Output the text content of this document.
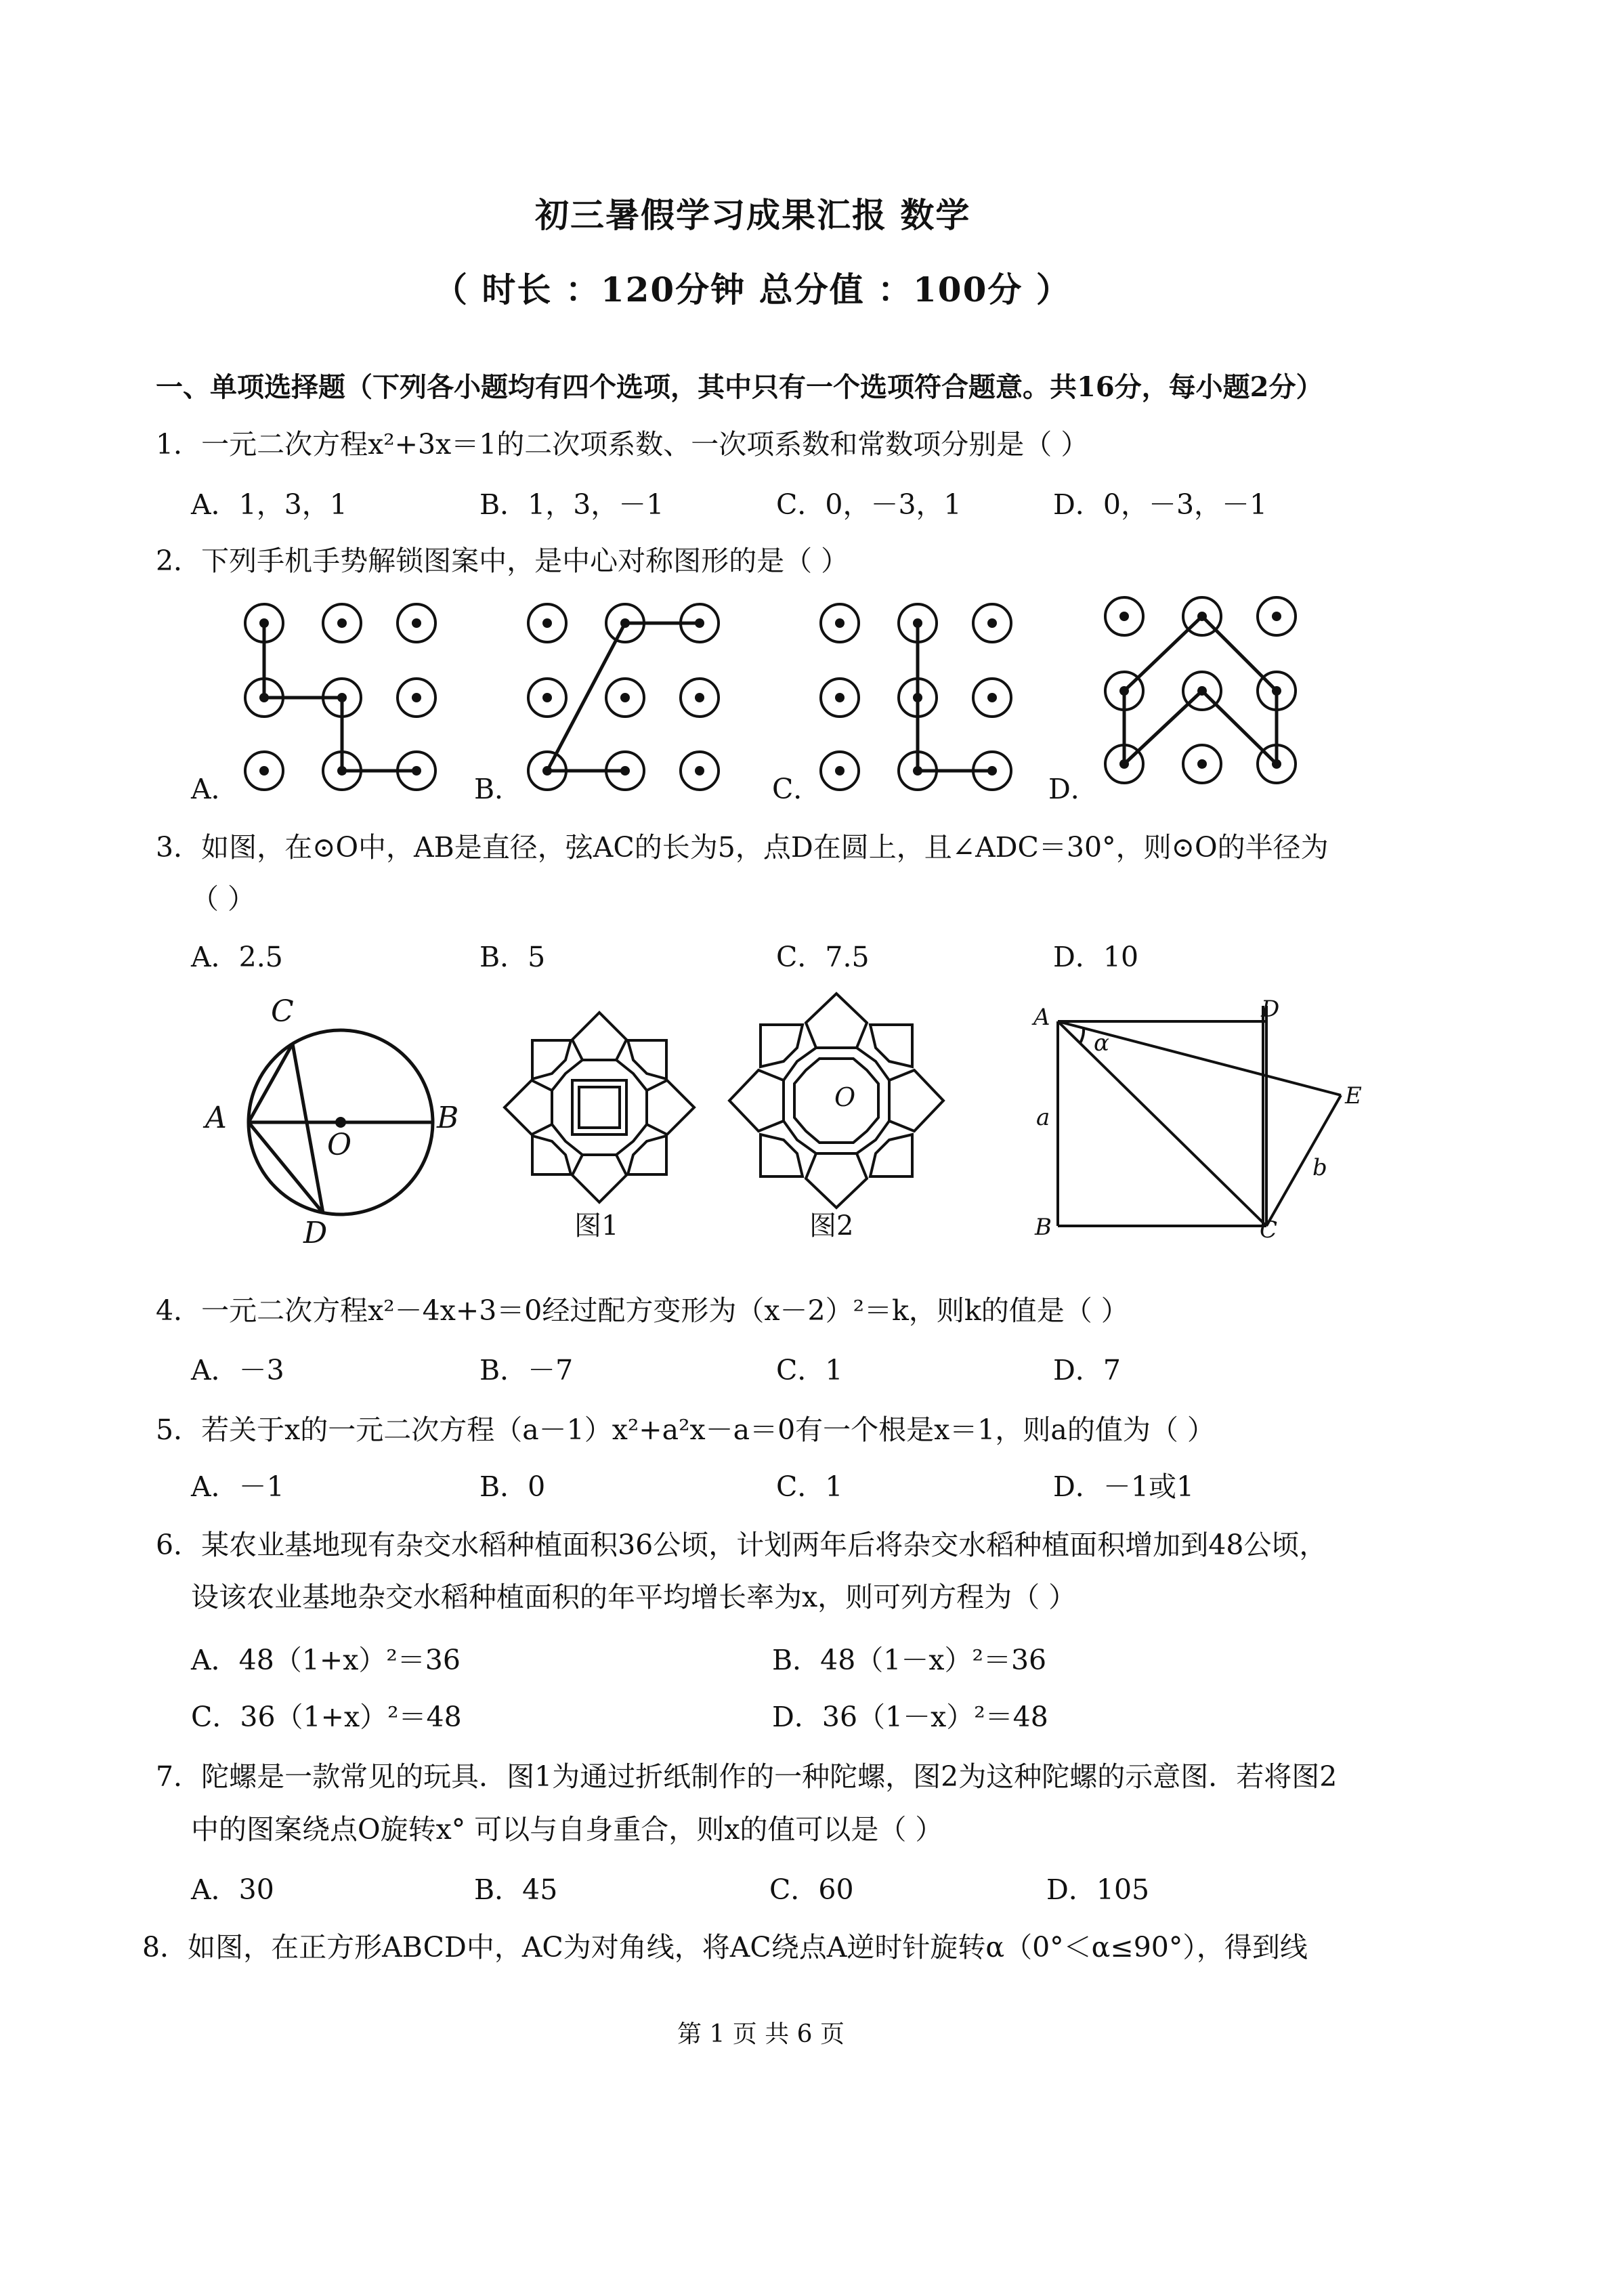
初三暑假学习成果汇报 数学
（ 时长 ：120分钟 总分值 ：100分 ）
一、单项选择题（下列各小题均有四个选项，其中只有一个选项符合题意。共16分，每小题2分）
1．一元二次方程x²+3x＝1的二次项系数、一次项系数和常数项分别是（ ）
A．1，3，1	B．1，3，－1	C．0，－3，1	D．0，－3，－1
2．下列手机手势解锁图案中，是中心对称图形的是（ ）
A．	B．	C．	D．
3．如图，在⊙O中，AB是直径，弦AC的长为5，点D在圆上，且∠ADC＝30°，则⊙O的半径为
（ ）
A．2.5	B．5	C．7.5	D．10
C
A
O
B
D	图1
O
图2
A	D
α
E
a
b
B	C
4．一元二次方程x²－4x+3＝0经过配方变形为（x－2）²＝k，则k的值是（ ）
A．－3	B．－7	C．1	D．7
5．若关于x的一元二次方程（a－1）x²+a²x－a＝0有一个根是x＝1，则a的值为（ ）
A．－1	B．0	C．1	D．－1或1
6．某农业基地现有杂交水稻种植面积36公顷，计划两年后将杂交水稻种植面积增加到48公顷，
设该农业基地杂交水稻种植面积的年平均增长率为x，则可列方程为（ ）
A．48（1+x）²＝36	B．48（1－x）²＝36
C．36（1+x）²＝48	D．36（1－x）²＝48
7．陀螺是一款常见的玩具．图1为通过折纸制作的一种陀螺，图2为这种陀螺的示意图．若将图2
中的图案绕点O旋转x° 可以与自身重合，则x的值可以是（ ）
A．30	B．45	C．60	D．105
8．如图，在正方形ABCD中，AC为对角线，将AC绕点A逆时针旋转α（0°＜α≤90°），得到线
第 1 页 共 6 页
